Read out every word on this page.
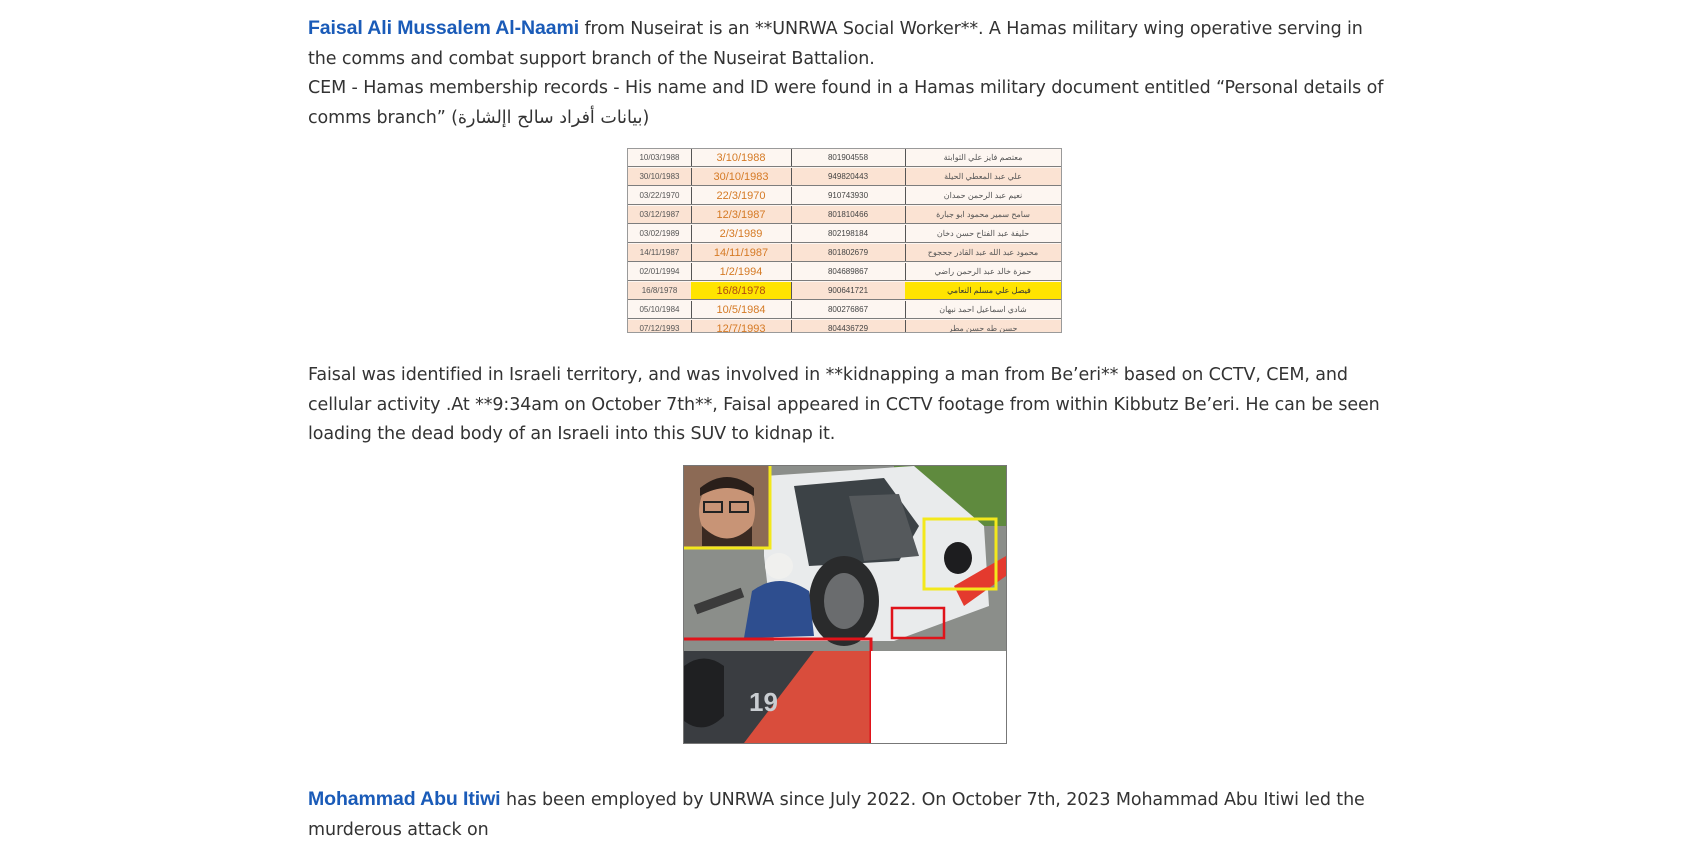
Faisal Ali Mussalem Al-Naami from Nuseirat is an **UNRWA Social Worker**. A Hamas military wing operative serving in the comms and combat support branch of the Nuseirat Battalion.

CEM - Hamas membership records - His name and ID were found in a Hamas military document entitled “Personal details of comms branch” (بيانات أفراد سالح اإلشارة)

10/03/1988	3/10/1988	801904558	معتصم فايز علي الثوابتة
30/10/1983	30/10/1983	949820443	علي عبد المعطي الحيلة
03/22/1970	22/3/1970	910743930	نعيم عبد الرحمن حمدان
03/12/1987	12/3/1987	801810466	سامح سمير محمود ابو جبارة
03/02/1989	2/3/1989	802198184	حليفة عبد الفتاح حسن دخان
14/11/1987	14/11/1987	801802679	محمود عبد الله عبد القادر جحجوح
02/01/1994	1/2/1994	804689867	حمزة خالد عبد الرحمن راضي
16/8/1978	16/8/1978	900641721	فيصل علي مسلم النعامي
05/10/1984	10/5/1984	800276867	شادي اسماعيل احمد نبهان
07/12/1993	12/7/1993	804436729	حسن طه حسن مطر

Faisal was identified in Israeli territory, and was involved in **kidnapping a man from Be’eri** based on CCTV, CEM, and cellular activity .At **9:34am on October 7th**, Faisal appeared in CCTV footage from within Kibbutz Be’eri. He can be seen loading the dead body of an Israeli into this SUV to kidnap it.

19

Mohammad Abu Itiwi has been employed by UNRWA since July 2022. On October 7th, 2023 Mohammad Abu Itiwi led the murderous attack on
